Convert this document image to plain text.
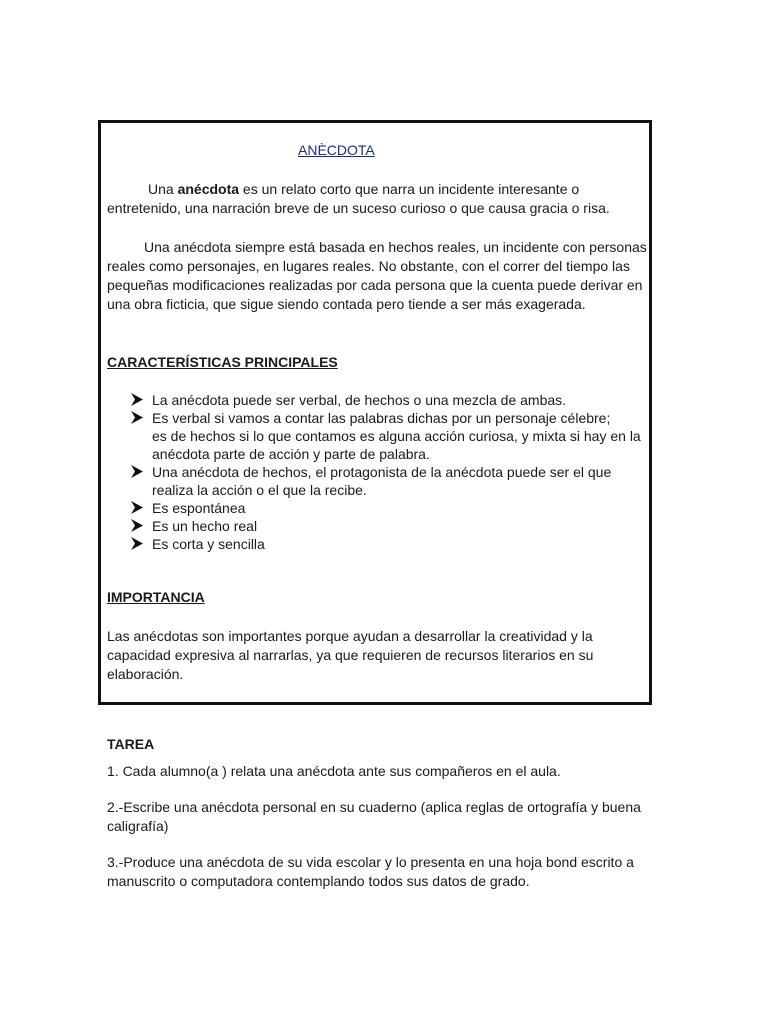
ANÈCDOTA

Una anécdota es un relato corto que narra un incidente interesante o entretenido, una narración breve de un suceso curioso o que causa gracia o risa.

Una anécdota siempre está basada en hechos reales, un incidente con personas reales como personajes, en lugares reales. No obstante, con el correr del tiempo las pequeñas modificaciones realizadas por cada persona que la cuenta puede derivar en una obra ficticia, que sigue siendo contada pero tiende a ser más exagerada.

CARACTERÍSTICAS PRINCIPALES
La anécdota puede ser verbal, de hechos o una mezcla de ambas.
Es verbal si vamos a contar las palabras dichas por un personaje célebre;
es de hechos si lo que contamos es alguna acción curiosa, y mixta si hay en la anécdota parte de acción y parte de palabra.
Una anécdota de hechos, el protagonista de la anécdota puede ser el que realiza la acción o el que la recibe.
Es espontánea
Es un hecho real
Es corta y sencilla
IMPORTANCIA

Las anécdotas son importantes porque ayudan a desarrollar la creatividad y la capacidad expresiva al narrarlas, ya que requieren de recursos literarios en su elaboración.

TAREA

1. Cada alumno(a ) relata una anécdota ante sus compañeros en el aula.

2.-Escribe una anécdota personal en su cuaderno (aplica reglas de ortografía y buena caligrafía)

3.-Produce una anécdota de su vida escolar y lo presenta en una hoja bond escrito a manuscrito o computadora contemplando todos sus datos de grado.
